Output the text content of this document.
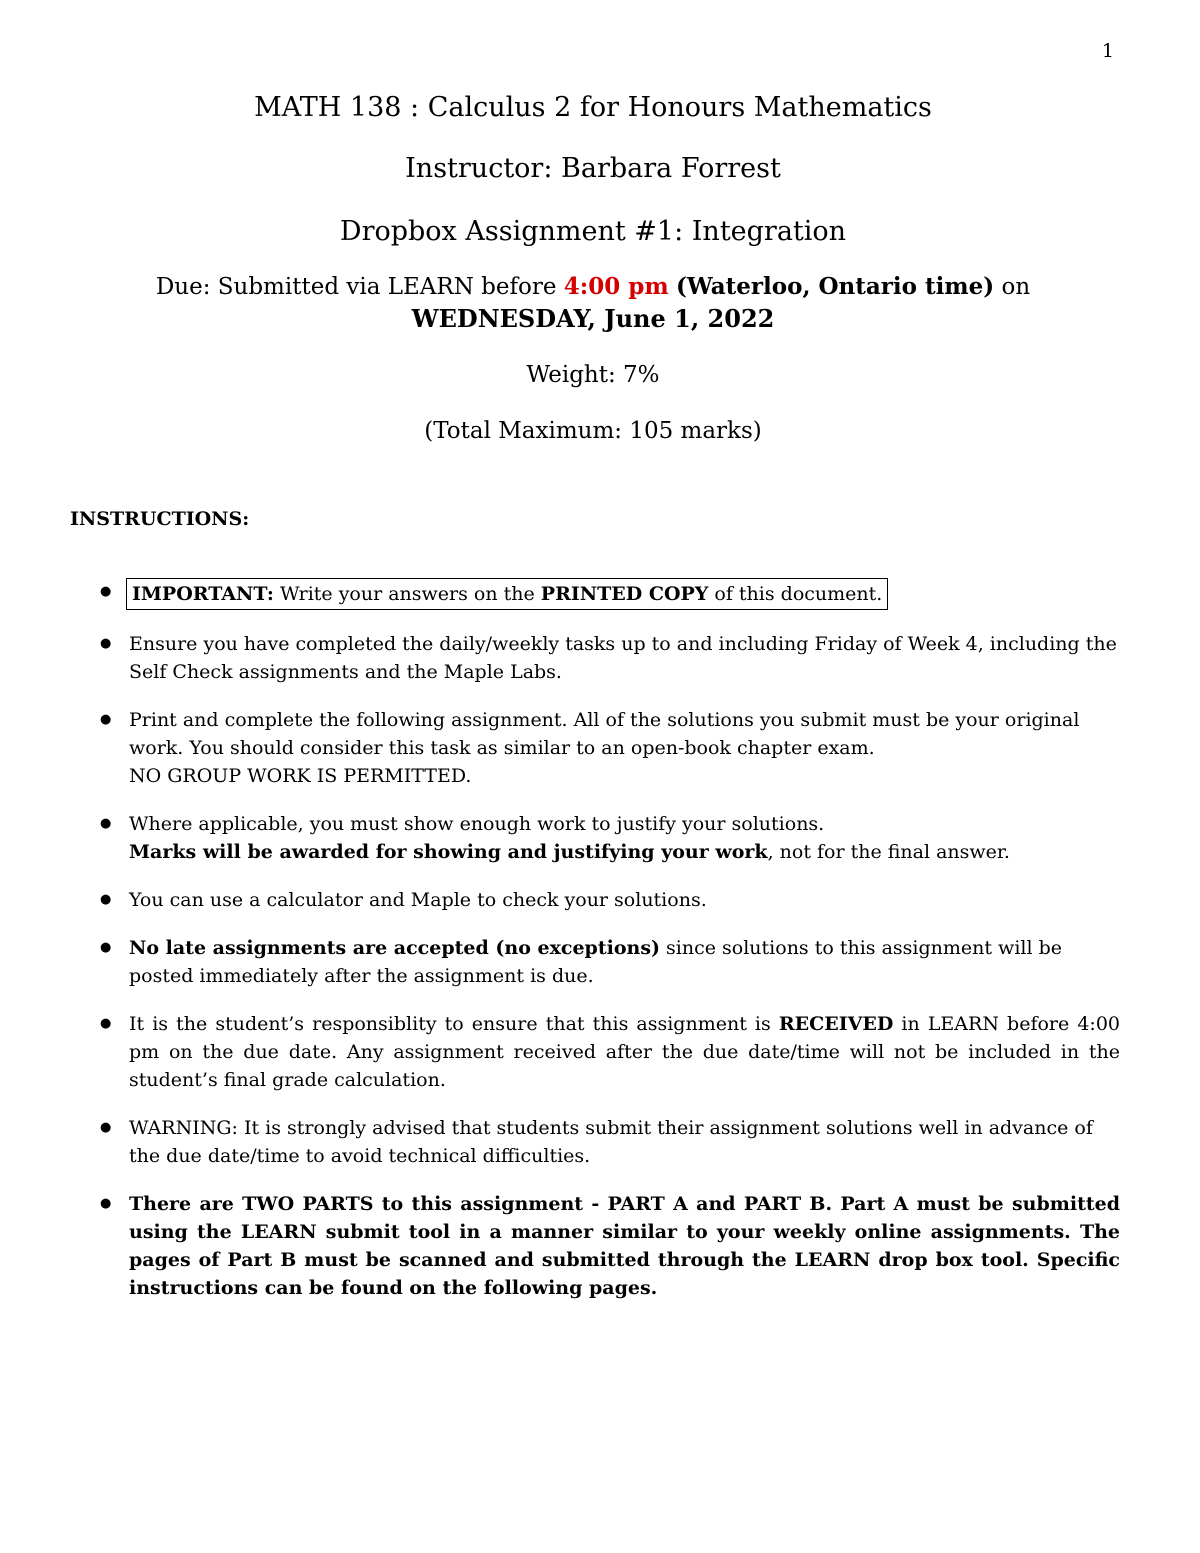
1

MATH 138 : Calculus 2 for Honours Mathematics

Instructor: Barbara Forrest

Dropbox Assignment #1: Integration

Due: Submitted via LEARN before 4:00 pm (Waterloo, Ontario time) on

WEDNESDAY, June 1, 2022

Weight: 7%

(Total Maximum: 105 marks)

INSTRUCTIONS:
● IMPORTANT: Write your answers on the PRINTED COPY of this document.
● Ensure you have completed the daily/weekly tasks up to and including Friday of Week 4, including the Self Check assignments and the Maple Labs.
● Print and complete the following assignment. All of the solutions you submit must be your original work. You should consider this task as similar to an open-book chapter exam.
NO GROUP WORK IS PERMITTED.
● Where applicable, you must show enough work to justify your solutions.
Marks will be awarded for showing and justifying your work, not for the final answer.
● You can use a calculator and Maple to check your solutions.
● No late assignments are accepted (no exceptions) since solutions to this assignment will be posted immediately after the assignment is due.
● It is the student’s responsiblity to ensure that this assignment is RECEIVED in LEARN before 4:00 pm on the due date. Any assignment received after the due date/time will not be included in the student’s final grade calculation.
● WARNING: It is strongly advised that students submit their assignment solutions well in advance of the due date/time to avoid technical difficulties.
● There are TWO PARTS to this assignment - PART A and PART B. Part A must be submitted using the LEARN submit tool in a manner similar to your weekly online assignments. The pages of Part B must be scanned and submitted through the LEARN drop box tool. Specific instructions can be found on the following pages.
